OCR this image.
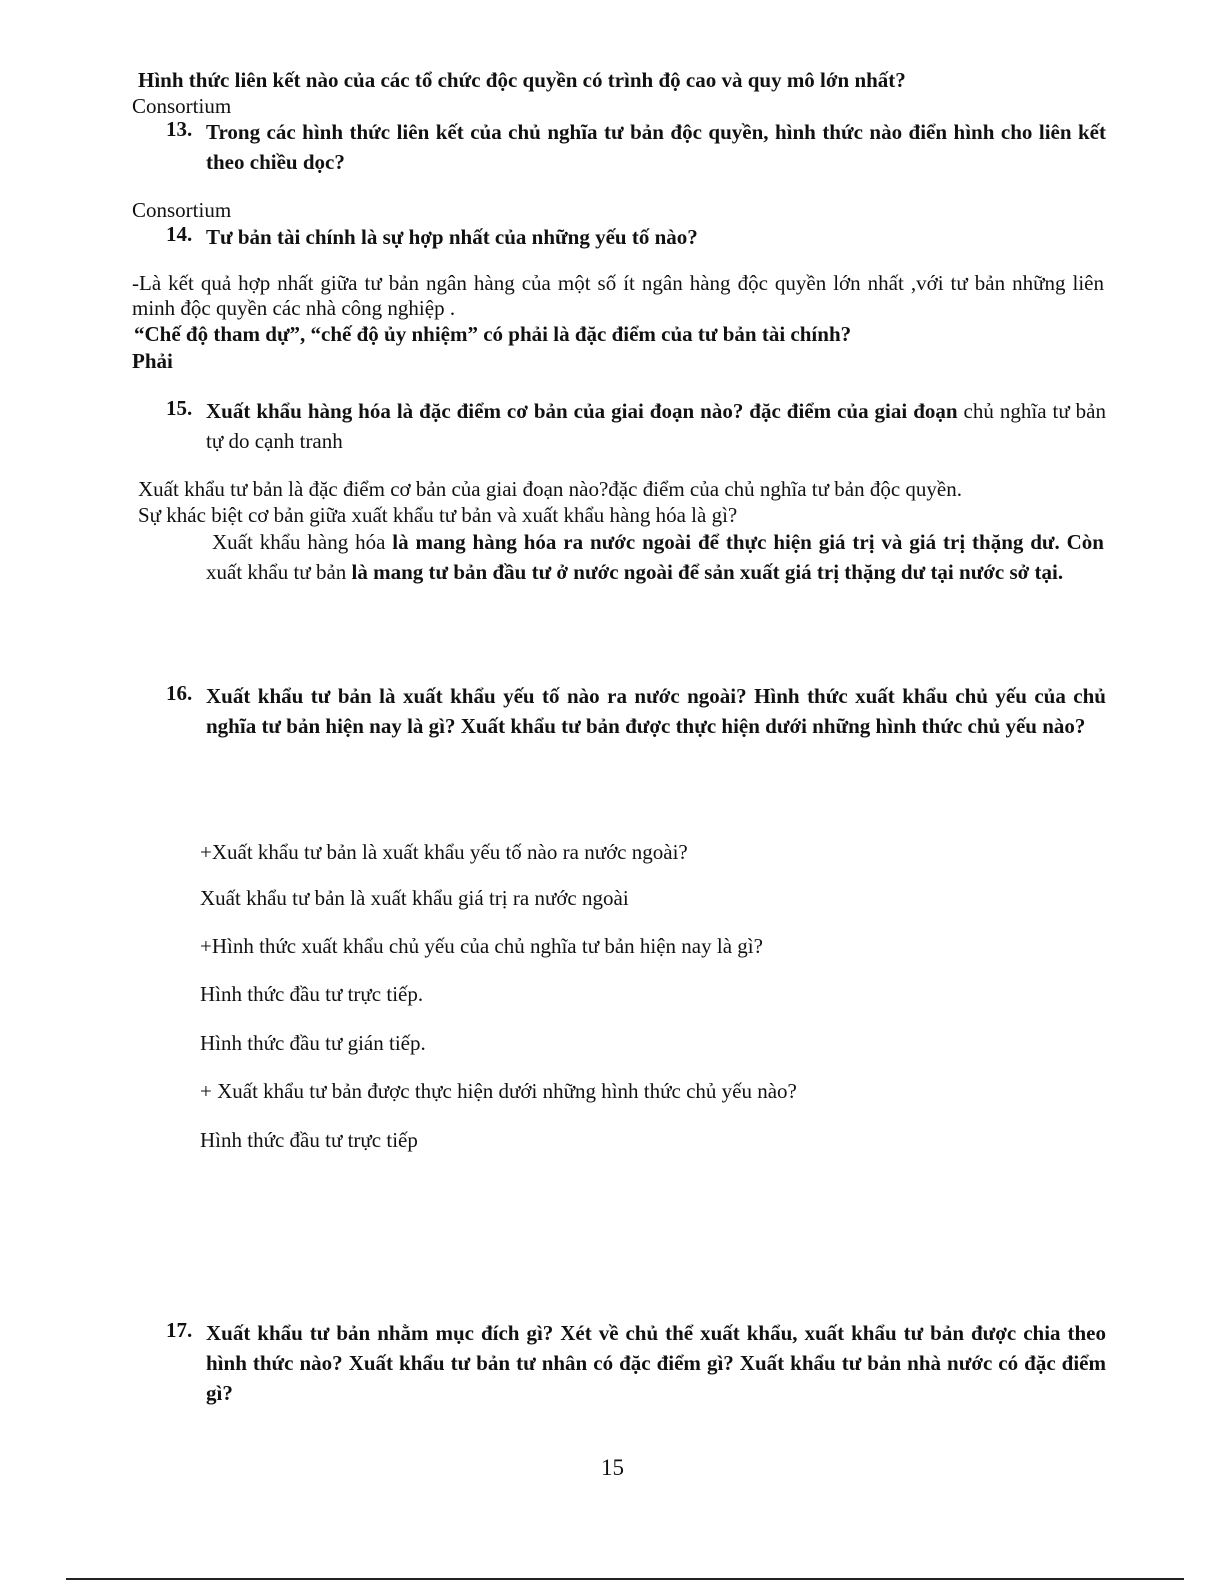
Hình thức liên kết nào của các tổ chức độc quyền có trình độ cao và quy mô lớn nhất?
Consortium
13. Trong các hình thức liên kết của chủ nghĩa tư bản độc quyền, hình thức nào điển hình cho liên kết theo chiều dọc?
Consortium
14. Tư bản tài chính là sự hợp nhất của những yếu tố nào?
-Là kết quả hợp nhất giữa tư bản ngân hàng của một số ít ngân hàng độc quyền lớn nhất ,với tư bản những liên minh độc quyền các nhà công nghiệp .
“Chế độ tham dự”, “chế độ ủy nhiệm” có phải là đặc điểm của tư bản tài chính?
Phải
15. Xuất khẩu hàng hóa là đặc điểm cơ bản của giai đoạn nào? đặc điểm của giai đoạn chủ nghĩa tư bản tự do cạnh tranh
Xuất khẩu tư bản là đặc điểm cơ bản của giai đoạn nào?đặc điểm của chủ nghĩa tư bản độc quyền.
Sự khác biệt cơ bản giữa xuất khẩu tư bản và xuất khẩu hàng hóa là gì?
Xuất khẩu hàng hóa là mang hàng hóa ra nước ngoài để thực hiện giá trị và giá trị thặng dư. Còn xuất khẩu tư bản là mang tư bản đầu tư ở nước ngoài để sản xuất giá trị thặng dư tại nước sở tại.
16. Xuất khẩu tư bản là xuất khẩu yếu tố nào ra nước ngoài? Hình thức xuất khẩu chủ yếu của chủ nghĩa tư bản hiện nay là gì? Xuất khẩu tư bản được thực hiện dưới những hình thức chủ yếu nào?
+Xuất khẩu tư bản là xuất khẩu yếu tố nào ra nước ngoài?
Xuất khẩu tư bản là xuất khẩu giá trị ra nước ngoài
+Hình thức xuất khẩu chủ yếu của chủ nghĩa tư bản hiện nay là gì?
Hình thức đầu tư trực tiếp.
Hình thức đầu tư gián tiếp.
+ Xuất khẩu tư bản được thực hiện dưới những hình thức chủ yếu nào?
Hình thức đầu tư trực tiếp
17. Xuất khẩu tư bản nhằm mục đích gì? Xét về chủ thể xuất khẩu, xuất khẩu tư bản được chia theo hình thức nào? Xuất khẩu tư bản tư nhân có đặc điểm gì? Xuất khẩu tư bản nhà nước có đặc điểm gì?
15
